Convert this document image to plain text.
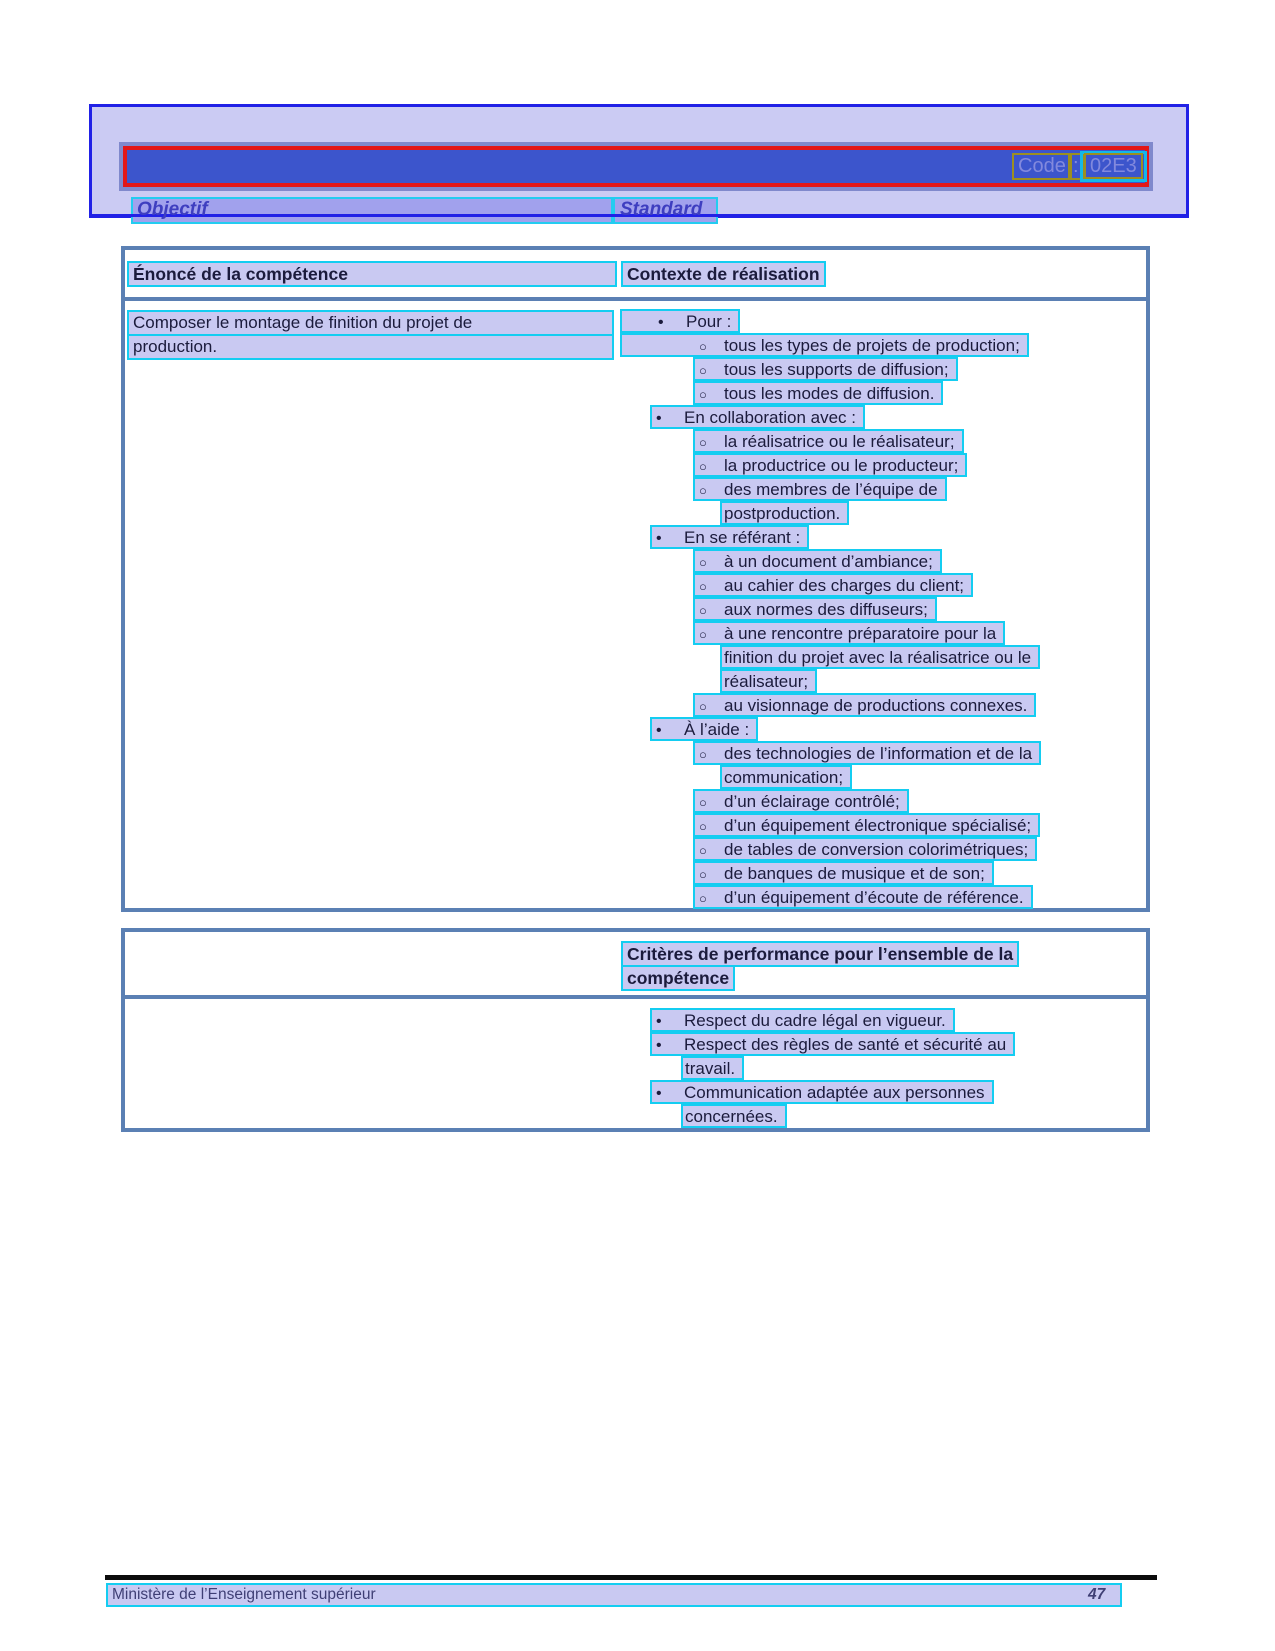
Code : 02E3
Objectif	Standard
Énoncé de la compétence	Contexte de réalisation
Composer le montage de finition du projet de
production.
• Pour :
○ tous les types de projets de production;
○ tous les supports de diffusion;
○ tous les modes de diffusion.
• En collaboration avec :
○ la réalisatrice ou le réalisateur;
○ la productrice ou le producteur;
○ des membres de l’équipe de
postproduction.
• En se référant :
○ à un document d’ambiance;
○ au cahier des charges du client;
○ aux normes des diffuseurs;
○ à une rencontre préparatoire pour la
finition du projet avec la réalisatrice ou le
réalisateur;
○ au visionnage de productions connexes.
• À l’aide :
○ des technologies de l’information et de la
communication;
○ d’un éclairage contrôlé;
○ d’un équipement électronique spécialisé;
○ de tables de conversion colorimétriques;
○ de banques de musique et de son;
○ d’un équipement d’écoute de référence.
Critères de performance pour l’ensemble de la
compétence
• Respect du cadre légal en vigueur.
• Respect des règles de santé et sécurité au
travail.
• Communication adaptée aux personnes
concernées.
Ministère de l’Enseignement supérieur	47
